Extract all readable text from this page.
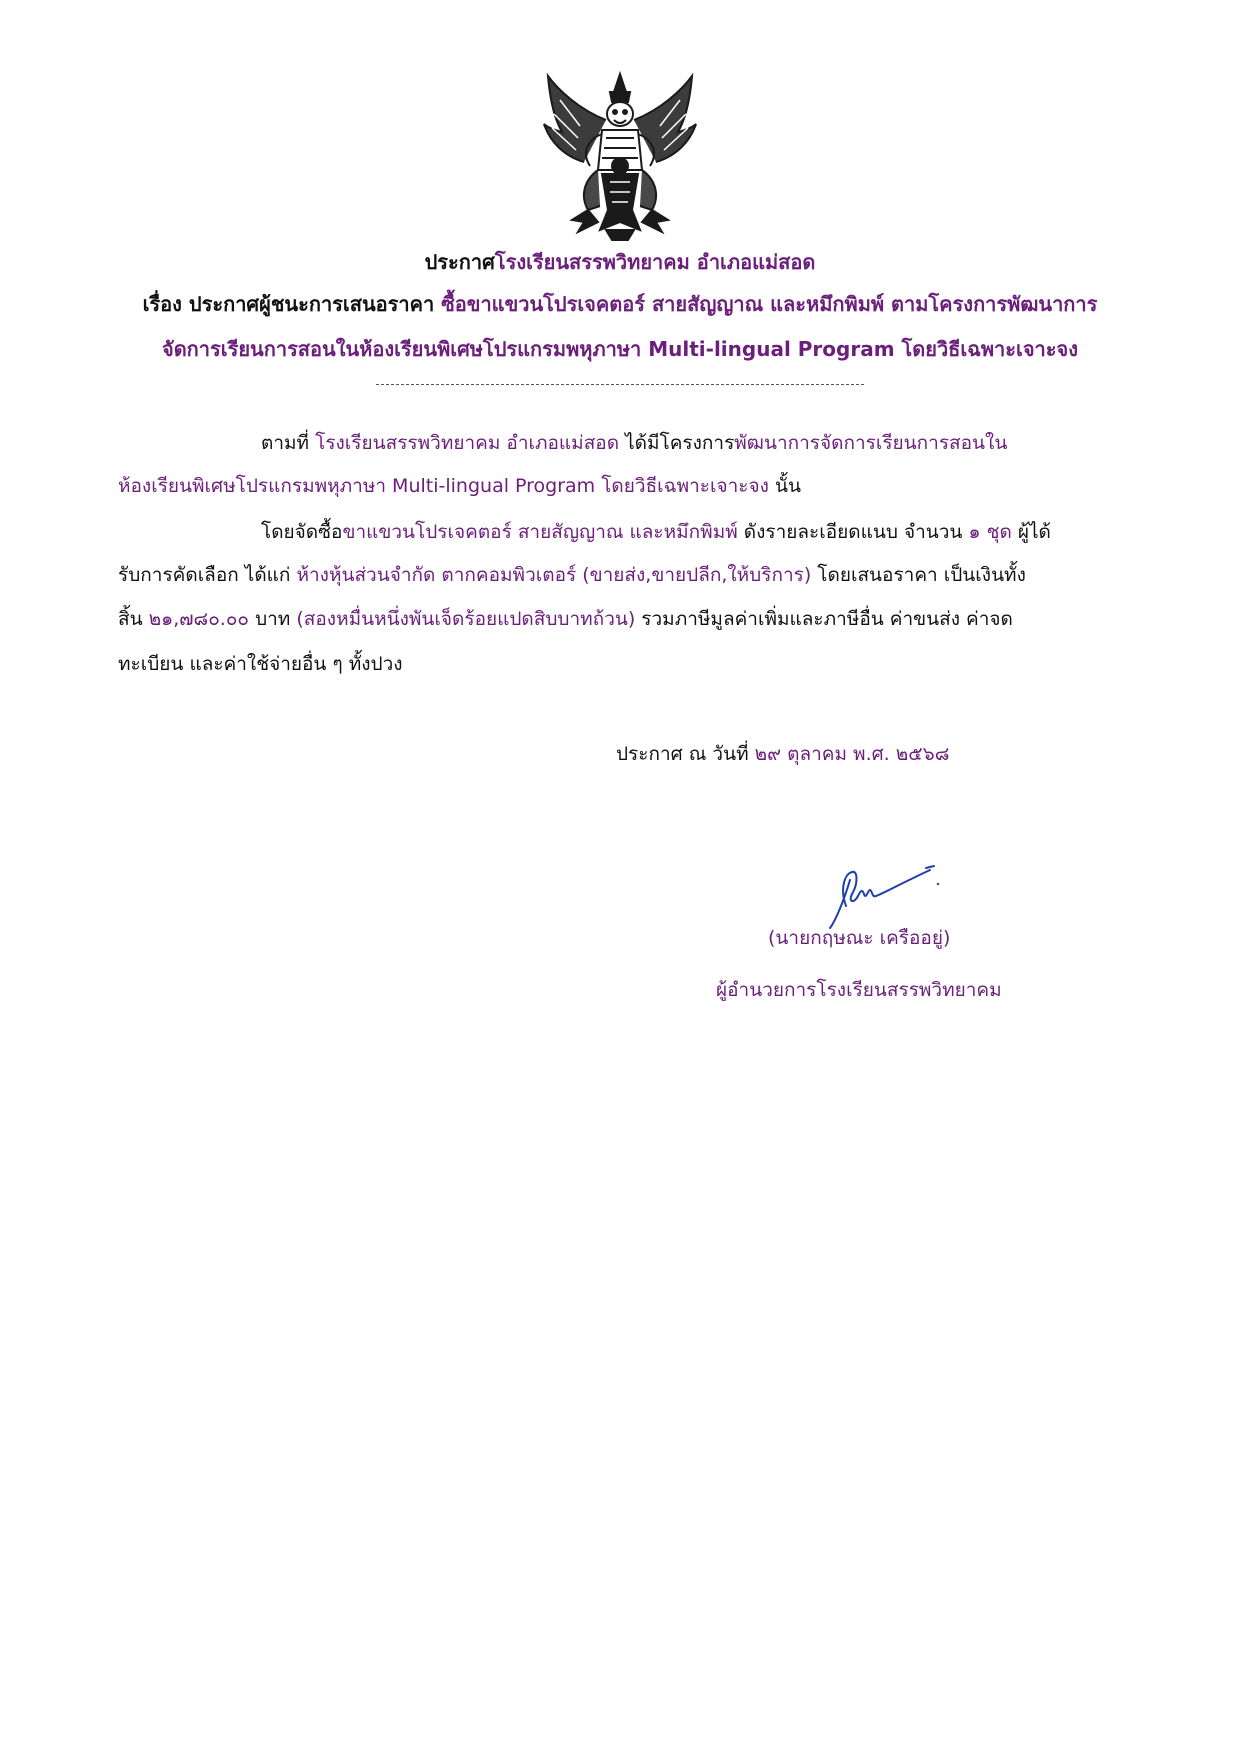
ประกาศโรงเรียนสรรพวิทยาคม อำเภอแม่สอด
เรื่อง ประกาศผู้ชนะการเสนอราคา ซื้อขาแขวนโปรเจคตอร์ สายสัญญาณ และหมึกพิมพ์ ตามโครงการพัฒนาการ
จัดการเรียนการสอนในห้องเรียนพิเศษโปรแกรมพหุภาษา Multi-lingual Program โดยวิธีเฉพาะเจาะจง
ตามที่ โรงเรียนสรรพวิทยาคม อำเภอแม่สอด ได้มีโครงการพัฒนาการจัดการเรียนการสอนใน
ห้องเรียนพิเศษโปรแกรมพหุภาษา Multi-lingual Program โดยวิธีเฉพาะเจาะจง นั้น
โดยจัดซื้อขาแขวนโปรเจคตอร์ สายสัญญาณ และหมึกพิมพ์ ดังรายละเอียดแนบ จำนวน ๑ ชุด ผู้ได้
รับการคัดเลือก ได้แก่ ห้างหุ้นส่วนจำกัด ตากคอมพิวเตอร์ (ขายส่ง,ขายปลีก,ให้บริการ) โดยเสนอราคา เป็นเงินทั้ง
สิ้น ๒๑,๗๘๐.๐๐ บาท (สองหมื่นหนึ่งพันเจ็ดร้อยแปดสิบบาทถ้วน) รวมภาษีมูลค่าเพิ่มและภาษีอื่น ค่าขนส่ง ค่าจด
ทะเบียน และค่าใช้จ่ายอื่น ๆ ทั้งปวง
ประกาศ ณ วันที่ ๒๙ ตุลาคม พ.ศ. ๒๕๖๘
(นายกฤษณะ เครืออยู่)
ผู้อำนวยการโรงเรียนสรรพวิทยาคม
